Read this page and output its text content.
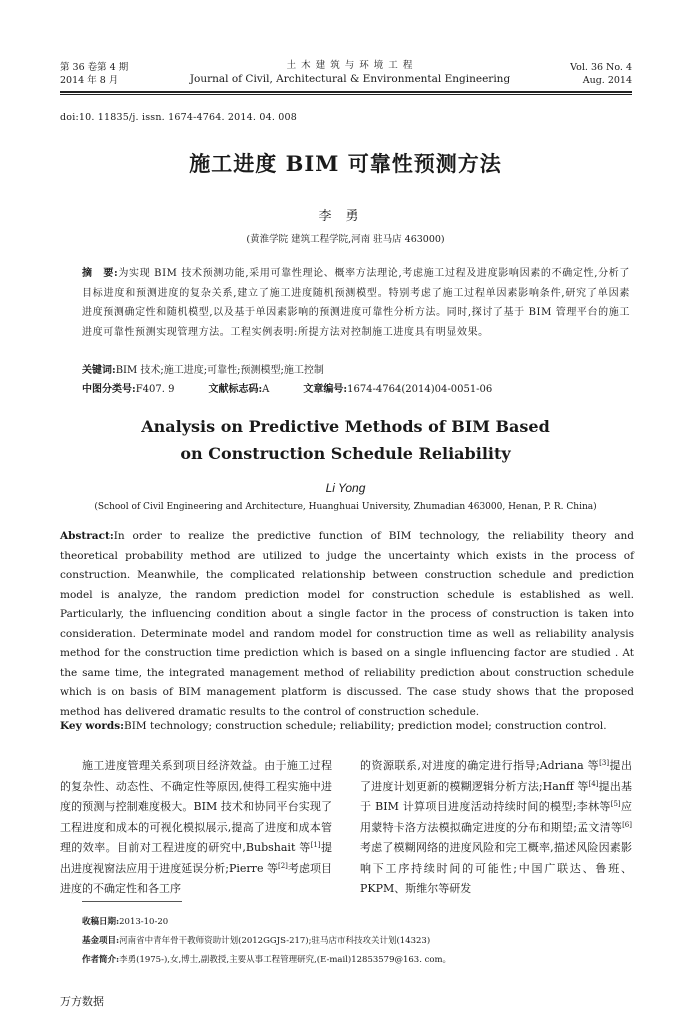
第 36 卷第 4 期
2014 年 8 月
土 木 建 筑 与 环 境 工 程
Journal of Civil, Architectural & Environmental Engineering
Vol. 36 No. 4
Aug. 2014
doi:10. 11835/j. issn. 1674-4764. 2014. 04. 008
施工进度 BIM 可靠性预测方法
李勇
(黄淮学院 建筑工程学院,河南 驻马店 463000)
摘　要:为实现 BIM 技术预测功能,采用可靠性理论、概率方法理论,考虑施工过程及进度影响因素的不确定性,分析了目标进度和预测进度的复杂关系,建立了施工进度随机预测模型。特别考虑了施工过程单因素影响条件,研究了单因素进度预测确定性和随机模型,以及基于单因素影响的预测进度可靠性分析方法。同时,探讨了基于 BIM 管理平台的施工进度可靠性预测实现管理方法。工程实例表明:所提方法对控制施工进度具有明显效果。
关键词:BIM 技术;施工进度;可靠性;预测模型;施工控制
中图分类号:F407. 9	文献标志码:A	文章编号:1674-4764(2014)04-0051-06
Analysis on Predictive Methods of BIM Based
on Construction Schedule Reliability
Li Yong
(School of Civil Engineering and Architecture, Huanghuai University, Zhumadian 463000, Henan, P. R. China)
Abstract:In order to realize the predictive function of BIM technology, the reliability theory and theoretical probability method are utilized to judge the uncertainty which exists in the process of construction. Meanwhile, the complicated relationship between construction schedule and prediction model is analyze, the random prediction model for construction schedule is established as well. Particularly, the influencing condition about a single factor in the process of construction is taken into consideration. Determinate model and random model for construction time as well as reliability analysis method for the construction time prediction which is based on a single influencing factor are studied . At the same time, the integrated management method of reliability prediction about construction schedule which is on basis of BIM management platform is discussed. The case study shows that the proposed method has delivered dramatic results to the control of construction schedule.
Key words:BIM technology; construction schedule; reliability; prediction model; construction control.
施工进度管理关系到项目经济效益。由于施工过程的复杂性、动态性、不确定性等原因,使得工程实施中进度的预测与控制难度极大。BIM 技术和协同平台实现了工程进度和成本的可视化模拟展示,提高了进度和成本管理的效率。目前对工程进度的研究中,Bubshait 等[1]提出进度视窗法应用于进度延误分析;Pierre 等[2]考虑项目进度的不确定性和各工序
的资源联系,对进度的确定进行指导;Adriana 等[3]提出了进度计划更新的模糊逻辑分析方法;Hanff 等[4]提出基于 BIM 计算项目进度活动持续时间的模型;李林等[5]应用蒙特卡洛方法模拟确定进度的分布和期望;孟文清等[6]考虑了模糊网络的进度风险和完工概率,描述风险因素影响下工序持续时间的可能性;中国广联达、鲁班、PKPM、斯维尔等研发
收稿日期:2013-10-20
基金项目:河南省中青年骨干教师资助计划(2012GGJS-217);驻马店市科技攻关计划(14323)
作者简介:李勇(1975-),女,博士,副教授,主要从事工程管理研究,(E-mail)12853579@163. com。
万方数据
